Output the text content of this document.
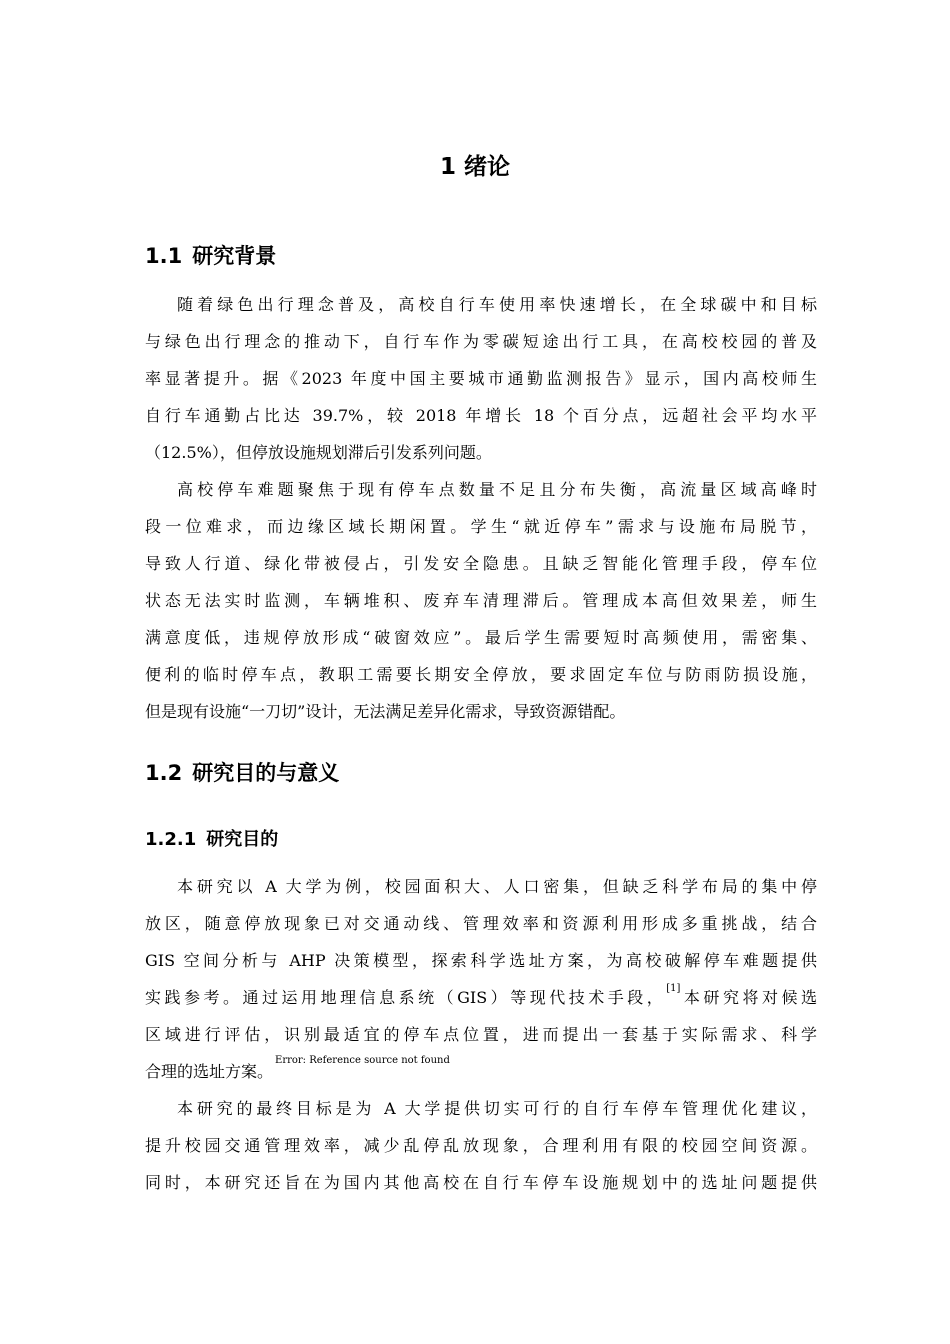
1 绪论
1.1 研究背景
随着绿色出行理念普及，高校自行车使用率快速增长，在全球碳中和目标
与绿色出行理念的推动下，自行车作为零碳短途出行工具，在高校校园的普及
率显著提升。据《2023 年度中国主要城市通勤监测报告》显示，国内高校师生
自行车通勤占比达 39.7%，较 2018 年增长 18 个百分点，远超社会平均水平
（12.5%），但停放设施规划滞后引发系列问题。
高校停车难题聚焦于现有停车点数量不足且分布失衡，高流量区域高峰时
段一位难求，而边缘区域长期闲置。学生“就近停车”需求与设施布局脱节，
导致人行道、绿化带被侵占，引发安全隐患。且缺乏智能化管理手段，停车位
状态无法实时监测，车辆堆积、废弃车清理滞后。管理成本高但效果差，师生
满意度低，违规停放形成“破窗效应”。最后学生需要短时高频使用，需密集、
便利的临时停车点，教职工需要长期安全停放，要求固定车位与防雨防损设施，
但是现有设施“一刀切”设计，无法满足差异化需求，导致资源错配。
1.2 研究目的与意义
1.2.1 研究目的
本研究以 A 大学为例，校园面积大、人口密集，但缺乏科学布局的集中停
放区，随意停放现象已对交通动线、管理效率和资源利用形成多重挑战，结合
GIS 空间分析与 AHP 决策模型，探索科学选址方案，为高校破解停车难题提供
实践参考。通过运用地理信息系统（GIS）等现代技术手段，[1]本研究将对候选
区域进行评估，识别最适宜的停车点位置，进而提出一套基于实际需求、科学
合理的选址方案。$^{Error: Reference source not found}$
本研究的最终目标是为 A 大学提供切实可行的自行车停车管理优化建议，
提升校园交通管理效率，减少乱停乱放现象，合理利用有限的校园空间资源。
同时，本研究还旨在为国内其他高校在自行车停车设施规划中的选址问题提供
